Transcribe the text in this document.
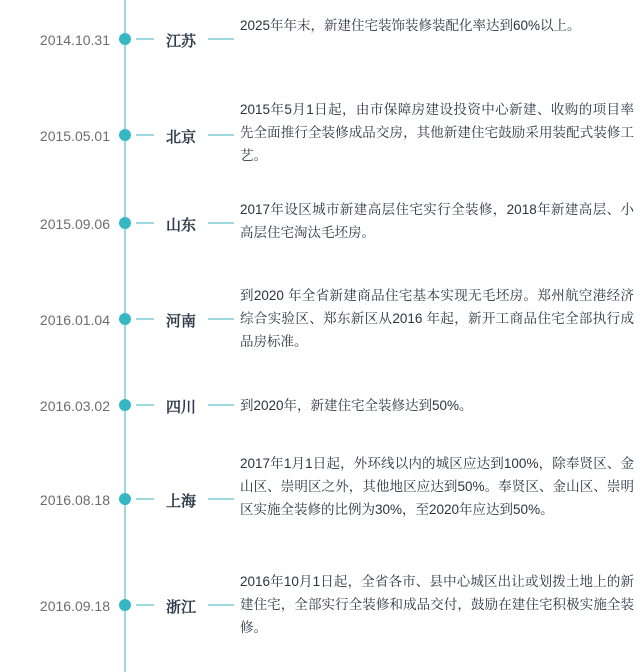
2014.10.31	江苏
2025年年末，新建住宅装饰装修装配化率达到60%以上。
2015.05.01	北京
2015年5月1日起，由市保障房建设投资中心新建、收购的项目率先全面推行全装修成品交房，其他新建住宅鼓励采用装配式装修工艺。
2015.09.06	山东
2017年设区城市新建高层住宅实行全装修，2018年新建高层、小高层住宅淘汰毛坯房。
2016.01.04	河南
到2020 年全省新建商品住宅基本实现无毛坯房。郑州航空港经济综合实验区、郑东新区从2016 年起，新开工商品住宅全部执行成品房标准。
2016.03.02	四川	到2020年，新建住宅全装修达到50%。
2016.08.18	上海
2017年1月1日起，外环线以内的城区应达到100%，除奉贤区、金山区、崇明区之外，其他地区应达到50%。奉贤区、金山区、崇明区实施全装修的比例为30%，至2020年应达到50%。
2016.09.18	浙江
2016年10月1日起，全省各市、县中心城区出让或划拨土地上的新建住宅，全部实行全装修和成品交付，鼓励在建住宅积极实施全装修。
